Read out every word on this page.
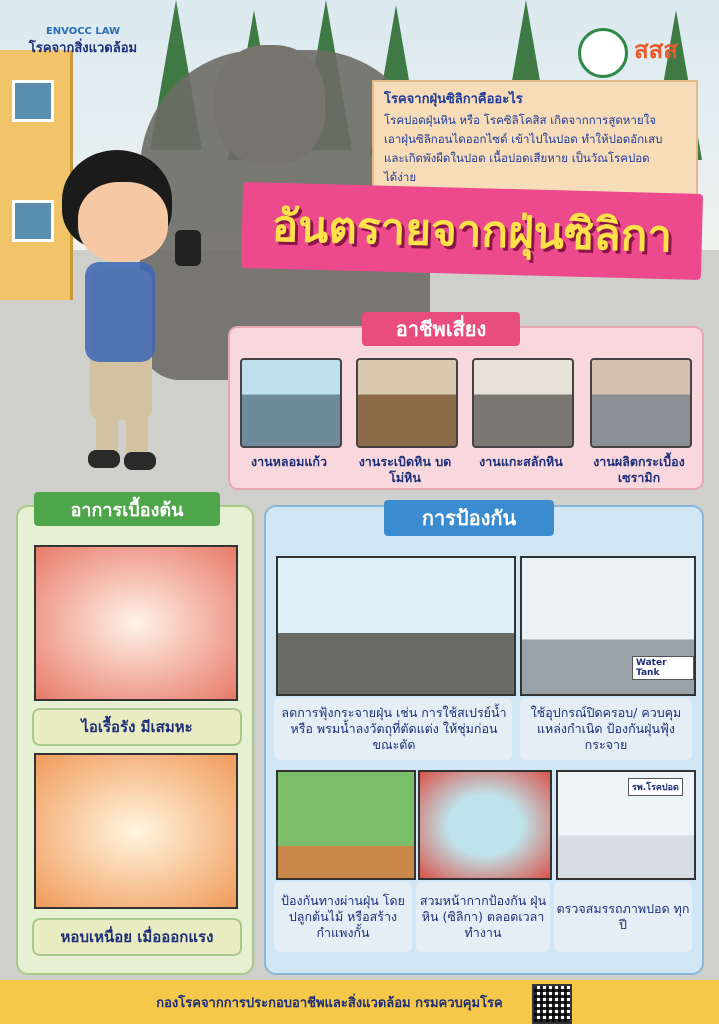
ENVOCC LAW
โรคจากสิ่งแวดล้อม	สสส
โรคจากฝุ่นซิลิกาคืออะไร

โรคปอดฝุ่นหิน หรือ โรคซิลิโคสิส เกิดจากการสูดหายใจ
เอาฝุ่นซิลิกอนไดออกไซด์ เข้าไปในปอด ทำให้ปอดอักเสบ
และเกิดพังผืดในปอด เนื้อปอดเสียหาย เป็นวัณโรคปอด
ได้ง่าย

อันตรายจากฝุ่นซิลิกา
อาชีพเสี่ยง
งานหลอมแก้ว	งานระเบิดหิน บดโม่หิน
งานแกะสลักหิน	งานผลิตกระเบื้อง เซรามิก
อาการเบื้องต้น
ไอเรื้อรัง มีเสมหะ
หอบเหนื่อย เมื่อออกแรง
การป้องกัน
Water Tank
ลดการฟุ้งกระจายฝุ่น เช่น การใช้สเปรย์น้ำ หรือ พรมน้ำลงวัตถุที่ตัดแต่ง ให้ชุ่มก่อนขณะตัด
ใช้อุปกรณ์ปิดครอบ/ ควบคุมแหล่งกำเนิด ป้องกันฝุ่นฟุ้งกระจาย
รพ.โรคปอด
ป้องกันทางผ่านฝุ่น โดยปลูกต้นไม้ หรือสร้างกำแพงกั้น
สวมหน้ากากป้องกัน ฝุ่นหิน (ซิลิกา) ตลอดเวลาทำงาน
ตรวจสมรรถภาพปอด ทุกปี
กองโรคจากการประกอบอาชีพและสิ่งแวดล้อม กรมควบคุมโรค
